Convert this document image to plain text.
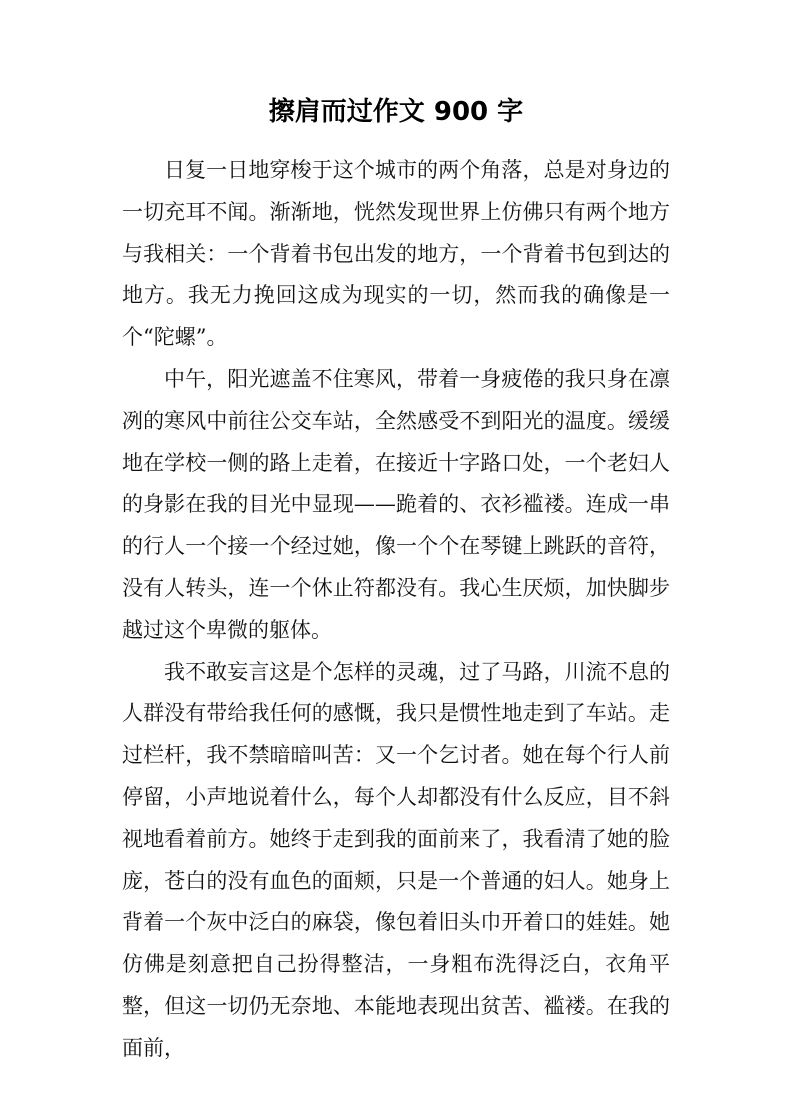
擦肩而过作文 900 字

日复一日地穿梭于这个城市的两个角落，总是对身边的一切充耳不闻。渐渐地，恍然发现世界上仿佛只有两个地方与我相关：一个背着书包出发的地方，一个背着书包到达的地方。我无力挽回这成为现实的一切，然而我的确像是一个“陀螺”。

中午，阳光遮盖不住寒风，带着一身疲倦的我只身在凛冽的寒风中前往公交车站，全然感受不到阳光的温度。缓缓地在学校一侧的路上走着，在接近十字路口处，一个老妇人的身影在我的目光中显现——跪着的、衣衫褴褛。连成一串的行人一个接一个经过她，像一个个在琴键上跳跃的音符，没有人转头，连一个休止符都没有。我心生厌烦，加快脚步越过这个卑微的躯体。

我不敢妄言这是个怎样的灵魂，过了马路，川流不息的人群没有带给我任何的感慨，我只是惯性地走到了车站。走过栏杆，我不禁暗暗叫苦：又一个乞讨者。她在每个行人前停留，小声地说着什么，每个人却都没有什么反应，目不斜视地看着前方。她终于走到我的面前来了，我看清了她的脸庞，苍白的没有血色的面颊，只是一个普通的妇人。她身上背着一个灰中泛白的麻袋，像包着旧头巾开着口的娃娃。她仿佛是刻意把自己扮得整洁，一身粗布洗得泛白，衣角平整，但这一切仍无奈地、本能地表现出贫苦、褴褛。在我的面前，
